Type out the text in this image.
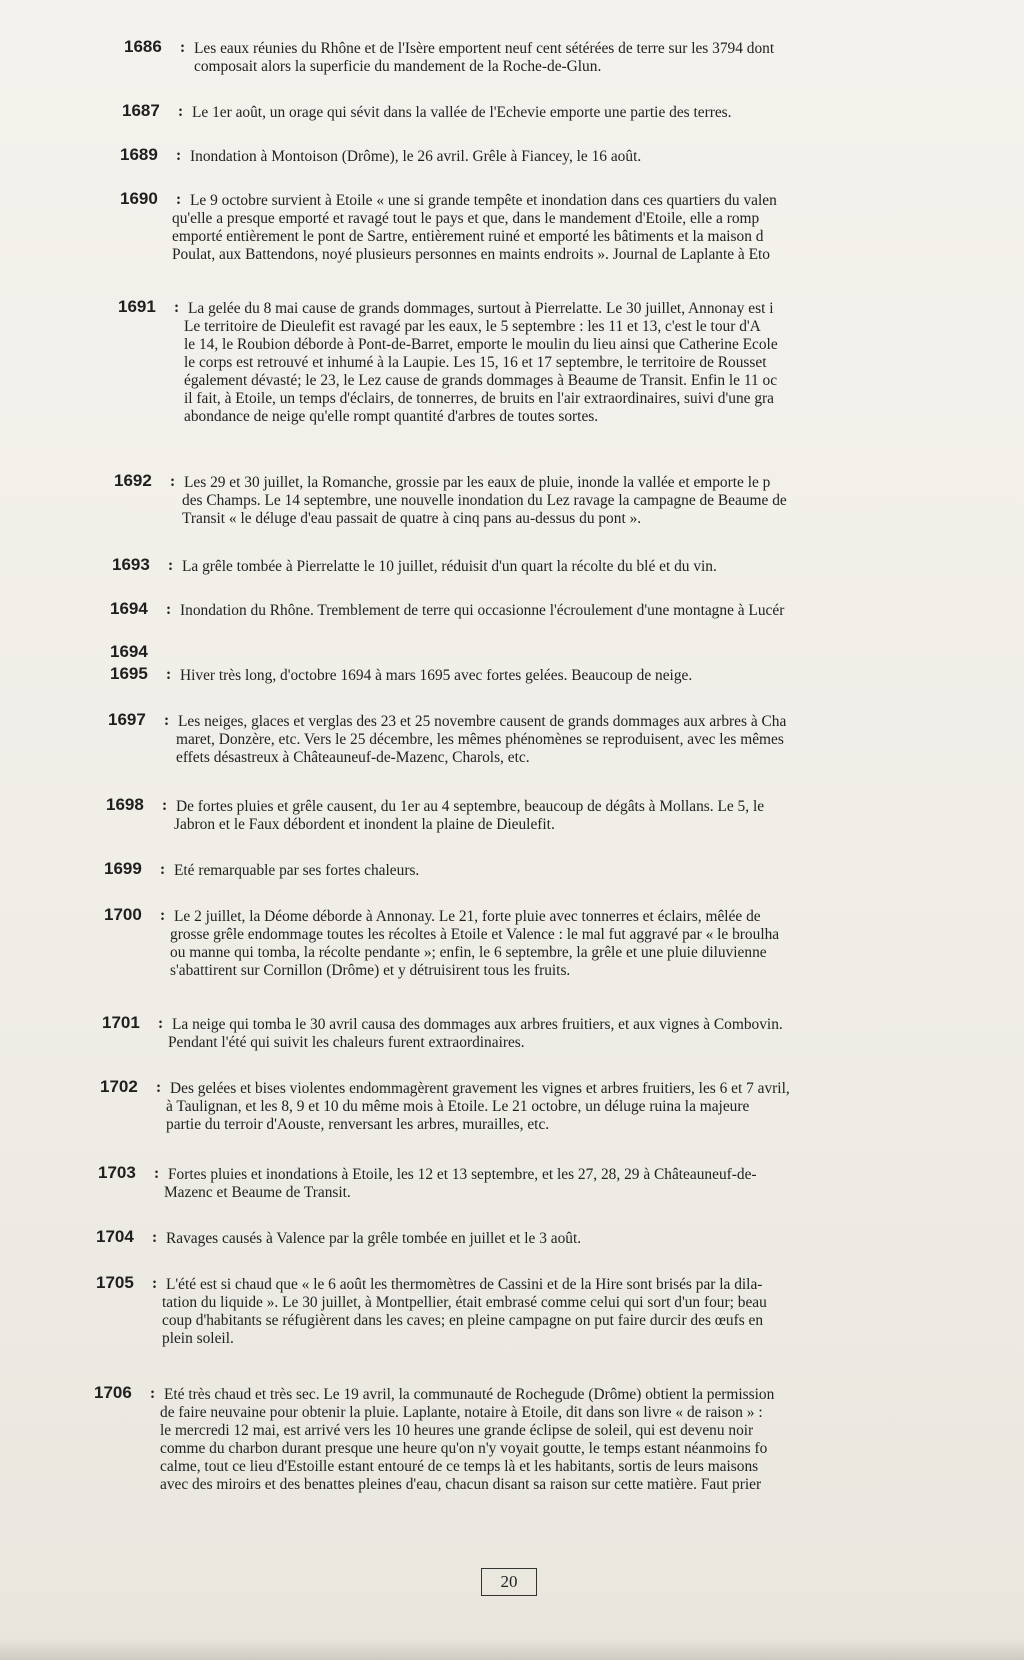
1686 : Les eaux réunies du Rhône et de l'Isère emportent neuf cent sétérées de terre sur les 3794 dont
composait alors la superficie du mandement de la Roche-de-Glun.
1687 : Le 1er août, un orage qui sévit dans la vallée de l'Echevie emporte une partie des terres.
1689 : Inondation à Montoison (Drôme), le 26 avril. Grêle à Fiancey, le 16 août.
1690 : Le 9 octobre survient à Etoile « une si grande tempête et inondation dans ces quartiers du valen
qu'elle a presque emporté et ravagé tout le pays et que, dans le mandement d'Etoile, elle a romp
emporté entièrement le pont de Sartre, entièrement ruiné et emporté les bâtiments et la maison d
Poulat, aux Battendons, noyé plusieurs personnes en maints endroits ». Journal de Laplante à Eto
1691 : La gelée du 8 mai cause de grands dommages, surtout à Pierrelatte. Le 30 juillet, Annonay est i
Le territoire de Dieulefit est ravagé par les eaux, le 5 septembre : les 11 et 13, c'est le tour d'A
le 14, le Roubion déborde à Pont-de-Barret, emporte le moulin du lieu ainsi que Catherine Ecole
le corps est retrouvé et inhumé à la Laupie. Les 15, 16 et 17 septembre, le territoire de Rousset
également dévasté; le 23, le Lez cause de grands dommages à Beaume de Transit. Enfin le 11 oc
il fait, à Etoile, un temps d'éclairs, de tonnerres, de bruits en l'air extraordinaires, suivi d'une gra
abondance de neige qu'elle rompt quantité d'arbres de toutes sortes.
1692 : Les 29 et 30 juillet, la Romanche, grossie par les eaux de pluie, inonde la vallée et emporte le p
des Champs. Le 14 septembre, une nouvelle inondation du Lez ravage la campagne de Beaume de
Transit « le déluge d'eau passait de quatre à cinq pans au-dessus du pont ».
1693 : La grêle tombée à Pierrelatte le 10 juillet, réduisit d'un quart la récolte du blé et du vin.
1694 : Inondation du Rhône. Tremblement de terre qui occasionne l'écroulement d'une montagne à Lucér
1694
1695 : Hiver très long, d'octobre 1694 à mars 1695 avec fortes gelées. Beaucoup de neige.
1697 : Les neiges, glaces et verglas des 23 et 25 novembre causent de grands dommages aux arbres à Cha
maret, Donzère, etc. Vers le 25 décembre, les mêmes phénomènes se reproduisent, avec les mêmes
effets désastreux à Châteauneuf-de-Mazenc, Charols, etc.
1698 : De fortes pluies et grêle causent, du 1er au 4 septembre, beaucoup de dégâts à Mollans. Le 5, le
Jabron et le Faux débordent et inondent la plaine de Dieulefit.
1699 : Eté remarquable par ses fortes chaleurs.
1700 : Le 2 juillet, la Déome déborde à Annonay. Le 21, forte pluie avec tonnerres et éclairs, mêlée de
grosse grêle endommage toutes les récoltes à Etoile et Valence : le mal fut aggravé par « le broulha
ou manne qui tomba, la récolte pendante »; enfin, le 6 septembre, la grêle et une pluie diluvienne
s'abattirent sur Cornillon (Drôme) et y détruisirent tous les fruits.
1701 : La neige qui tomba le 30 avril causa des dommages aux arbres fruitiers, et aux vignes à Combovin.
Pendant l'été qui suivit les chaleurs furent extraordinaires.
1702 : Des gelées et bises violentes endommagèrent gravement les vignes et arbres fruitiers, les 6 et 7 avril,
à Taulignan, et les 8, 9 et 10 du même mois à Etoile. Le 21 octobre, un déluge ruina la majeure
partie du terroir d'Aouste, renversant les arbres, murailles, etc.
1703 : Fortes pluies et inondations à Etoile, les 12 et 13 septembre, et les 27, 28, 29 à Châteauneuf-de-
Mazenc et Beaume de Transit.
1704 : Ravages causés à Valence par la grêle tombée en juillet et le 3 août.
1705 : L'été est si chaud que « le 6 août les thermomètres de Cassini et de la Hire sont brisés par la dila-
tation du liquide ». Le 30 juillet, à Montpellier, était embrasé comme celui qui sort d'un four; beau
coup d'habitants se réfugièrent dans les caves; en pleine campagne on put faire durcir des œufs en
plein soleil.
1706 : Eté très chaud et très sec. Le 19 avril, la communauté de Rochegude (Drôme) obtient la permission
de faire neuvaine pour obtenir la pluie. Laplante, notaire à Etoile, dit dans son livre « de raison » :
le mercredi 12 mai, est arrivé vers les 10 heures une grande éclipse de soleil, qui est devenu noir
comme du charbon durant presque une heure qu'on n'y voyait goutte, le temps estant néanmoins fo
calme, tout ce lieu d'Estoille estant entouré de ce temps là et les habitants, sortis de leurs maisons
avec des miroirs et des benattes pleines d'eau, chacun disant sa raison sur cette matière. Faut prier
20
